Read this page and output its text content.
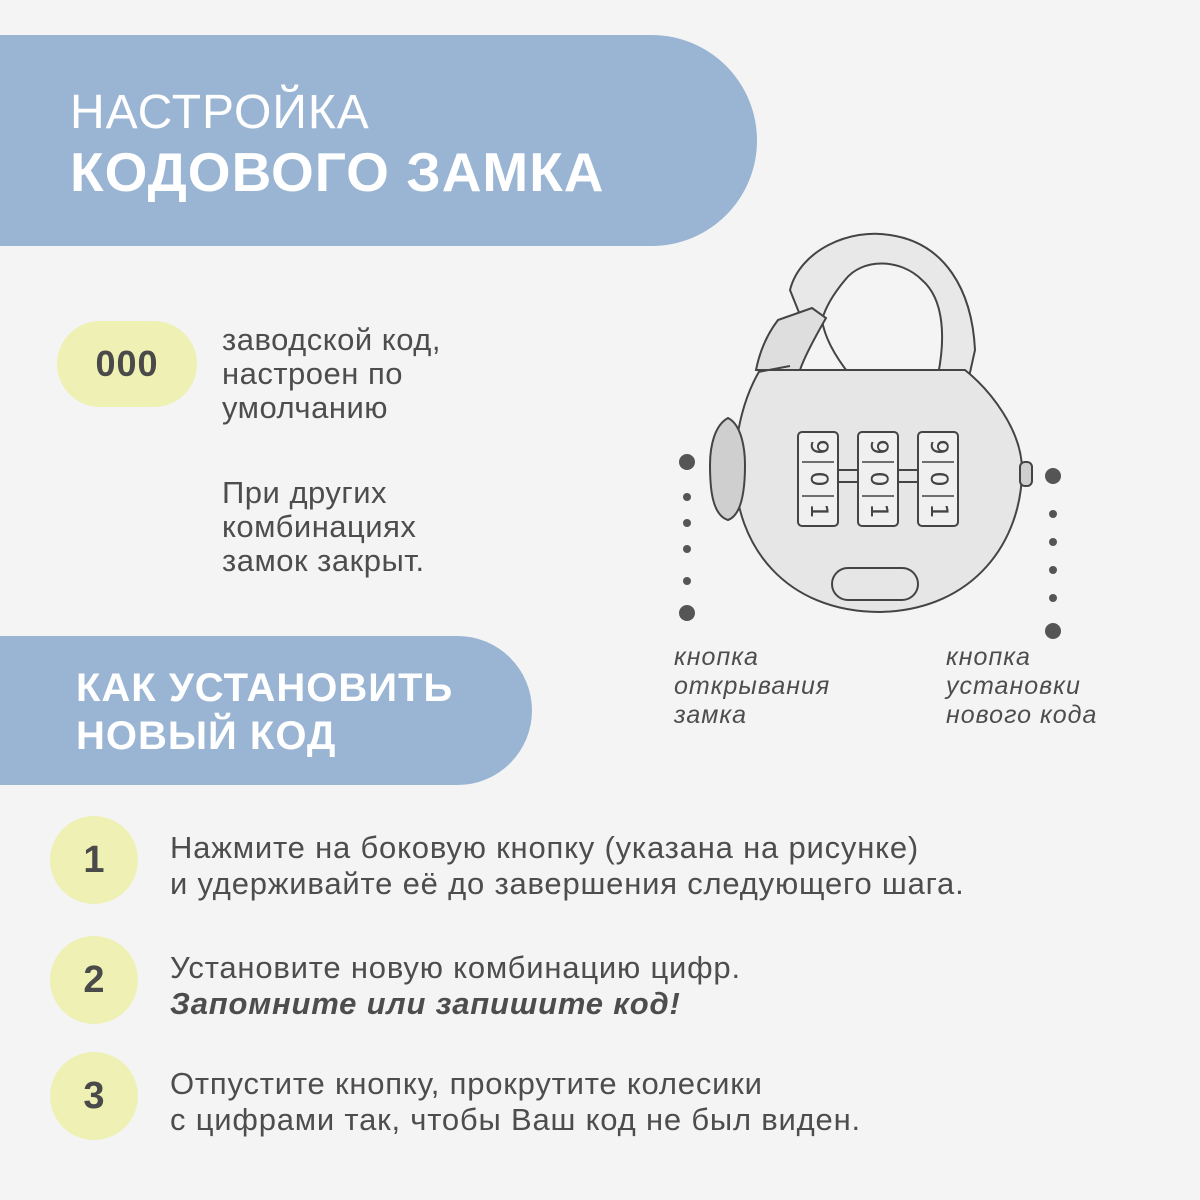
НАСТРОЙКА
КОДОВОГО ЗАМКА
000
заводской код,
настроен по
умолчанию
При других
комбинациях
замок закрыт.
9
0
1
9
0
1
9
0
1
кнопка
открывания
замка
кнопка
установки
нового кода
КАК УСТАНОВИТЬ
НОВЫЙ КОД
1	Нажмите на боковую кнопку (указана на рисунке)
и удерживайте её до завершения следующего шага.
2	Установите новую комбинацию цифр.
Запомните или запишите код!
3	Отпустите кнопку, прокрутите колесики
с цифрами так, чтобы Ваш код не был виден.
